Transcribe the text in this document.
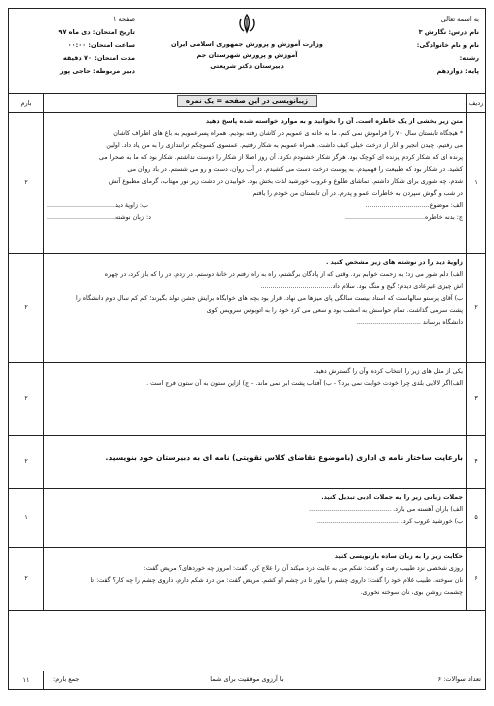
به اسمه تعالی
نام درس: نگارش ۳
نام و نام خانوادگی:
رشته:
پایه: دوازدهم
وزارت آموزش و پرورش جمهوری اسلامی ایران
آموزش و پرورش شهرستان جم
دبیرستان دکتر شریعتی
صفحه ۱
تاریخ امتحان: دی ماه ۹۷
ساعت امتحان: ۰۰:۰۰
مدت امتحان: ۷۰ دقیقه
دبیر مربوطه: حاجی پور
ردیف
زیبانویسی در این صفحه = یک نمره
بارم
۱
۲

متن زیر بخشی از یک خاطره است. آن را بخوانید و به موارد خواسته شده پاسخ دهید

* هیجگاه تابستان سال ۷۰ را فراموش نمی کنم. ما به خانه ی عمویم در کاشان رفته بودیم. همراه پسرعمویم به باغ های اطراف کاشان

می رفتیم. چیدن انجیر و انار از درخت خیلی کیف داشت. همراه عمویم به شکار رفتیم. عمسوی کسوچکم ترانندازی را به من یاد داد. اولین

پرنده ای که شکار کردم پرنده ای کوچک بود. هرگز شکار خشنودم نکرد. آن روز اصلا از شکار را دوست نداشتم. شکار بود که ما به صحرا می

کشید. در شکار بود که طبیعت را فهمیدم. به پوست درخت دست می کشیدم. در آب روان، دست و رو می شستم. در باد روان می

شدم. چه شوری برای شکار داشتم. تماشای طلوع و غروب خورشید لذت بخش بود. خوابیدن در دشت زیر نور مهتاب، گرمای مطبوع آتش

در شب و گوش سپردن به خاطرات عمو و پدرم. در آن تابستان من خودم را یافتم

الف: موضوع................................
ب: زاویهٔ دید..................................
ج: بدنه خاطره........................................
د: زبان نوشته..................................
۲
۲

زاویهٔ دید را در نوشته های زیر مشخص کنید .

الف) دلم شور می زد؛ به زحمت خوابم برد. وقتی که از پادگان برگشتم، راه به راه رفتم در خانهٔ دوستم. در زدم. در را که باز کرد، در چهره

اش چیزی غیرعادی دیدم؛ گیج و منگ بود. سلام داد....................................

ب) آقای پرستو سالهاست که استاد بیست سالگی پای میزها می نهاد. قرار بود بچه های خوابگاه برایش جشن تولد بگیرند؛ کم کم سال دوم دانشگاه را

پشت سرمی گذاشت. تمام حواسش به امشب بود و سعی می کرد خود را به اتوبوس سرویس کوی

دانشگاه برساند ................................

۳
۲

یکی از مثل های زیر را انتخاب کرده وآن را گسترش دهید.

الف)اگر لالایی بلدی چرا خودت خوابت نمی برد؟ - ب) آفتاب پشت ابر نمی ماند. - ج) ازاین ستون به آن ستون فرج است .

۴
۲	بارعایت ساختار نامه ی اداری (باموضوع تقاضای کلاس تقویتی) نامه ای به دبیرستان خود بنویسید.

۵
۱

جملات زبانی زیر را به جملات ادبی تبدیل کنید.

الف) باران آهسته می بارد. .........................................

ب) خورشید غروب کرد. .........................................

۶
۲

حکایت زیر را به زبان ساده بازنویسی کنید

روزی شخصی نزد طبیب رفت و گفت: شکم من به غایت درد میکند آن را علاج کن. گفت: امروز چه خوردهای؟ مریض گفت:

نان سوخته. طبیب غلام خود را گفت: داروی چشم را بیاور تا در چشم او کشم. مریض گفت: من درد شکم دارم، داروی چشم را چه کار؟ گفت: تا

چشمت روشن بوی، نان سوخته نخوری.

تعداد سوالات: ۶
با آرزوی موفقیت برای شما
جمع بارم:
۱۱
